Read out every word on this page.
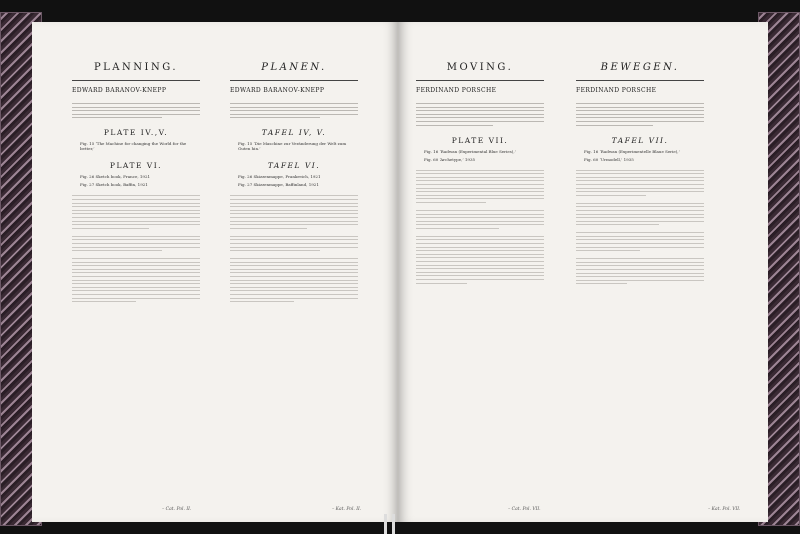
PLANNING.
EDWARD BARANOV-KNEPP

PLATE IV.,V.
Fig. 15 ‘The Machine for changing the World for the better,’
PLATE VI.
Fig. 26 Sketch book, France, 1921
Fig. 27 Sketch book, Baffin, 1921
– Cat. Pol. II.
PLANEN.
EDWARD BARANOV-KNEPP

TAFEL IV, V.
Fig. 15 ‘Die Maschine zur Veränderung der Welt zum Guten hin.’
TAFEL VI.
Fig. 26 Skizzenmappe, Frankreich, 1921
Fig. 27 Skizzenmappe, Baffinland, 1921
– Kat. Pol. II.
MOVING.
FERDINAND PORSCHE

PLATE VII.
Fig. 16 ‘Radwan (Experimental Blue Series),’
Fig. 60 ‘Archetype,’ 1935
– Cat. Pol. VII.
BEWEGEN.
FERDINAND PORSCHE

TAFEL VII.
Fig. 16 ‘Radwan (Experimentelle Blaue Serie),’
Fig. 60 ‘Urmodell,’ 1935
– Kat. Pol. VII.
